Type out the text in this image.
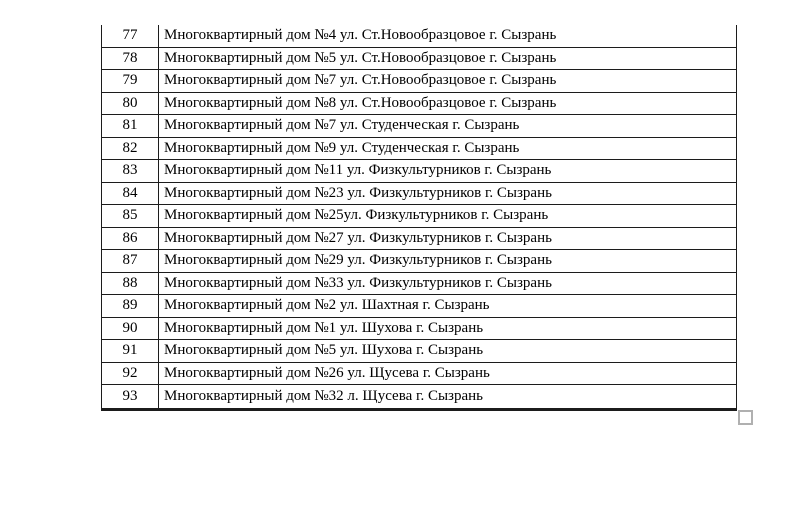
77	Многоквартирный дом №4 ул. Ст.Новообразцовое г. Сызрань
78	Многоквартирный дом №5 ул. Ст.Новообразцовое г. Сызрань
79	Многоквартирный дом №7 ул. Ст.Новообразцовое г. Сызрань
80	Многоквартирный дом №8 ул. Ст.Новообразцовое г. Сызрань
81	Многоквартирный дом №7 ул. Студенческая г. Сызрань
82	Многоквартирный дом №9 ул. Студенческая г. Сызрань
83	Многоквартирный дом №11 ул. Физкультурников г. Сызрань
84	Многоквартирный дом №23 ул. Физкультурников г. Сызрань
85	Многоквартирный дом №25ул. Физкультурников г. Сызрань
86	Многоквартирный дом №27 ул. Физкультурников г. Сызрань
87	Многоквартирный дом №29 ул. Физкультурников г. Сызрань
88	Многоквартирный дом №33 ул. Физкультурников г. Сызрань
89	Многоквартирный дом №2 ул. Шахтная г. Сызрань
90	Многоквартирный дом №1 ул. Шухова г. Сызрань
91	Многоквартирный дом №5 ул. Шухова г. Сызрань
92	Многоквартирный дом №26 ул. Щусева г. Сызрань
93	Многоквартирный дом №32 л. Щусева г. Сызрань
